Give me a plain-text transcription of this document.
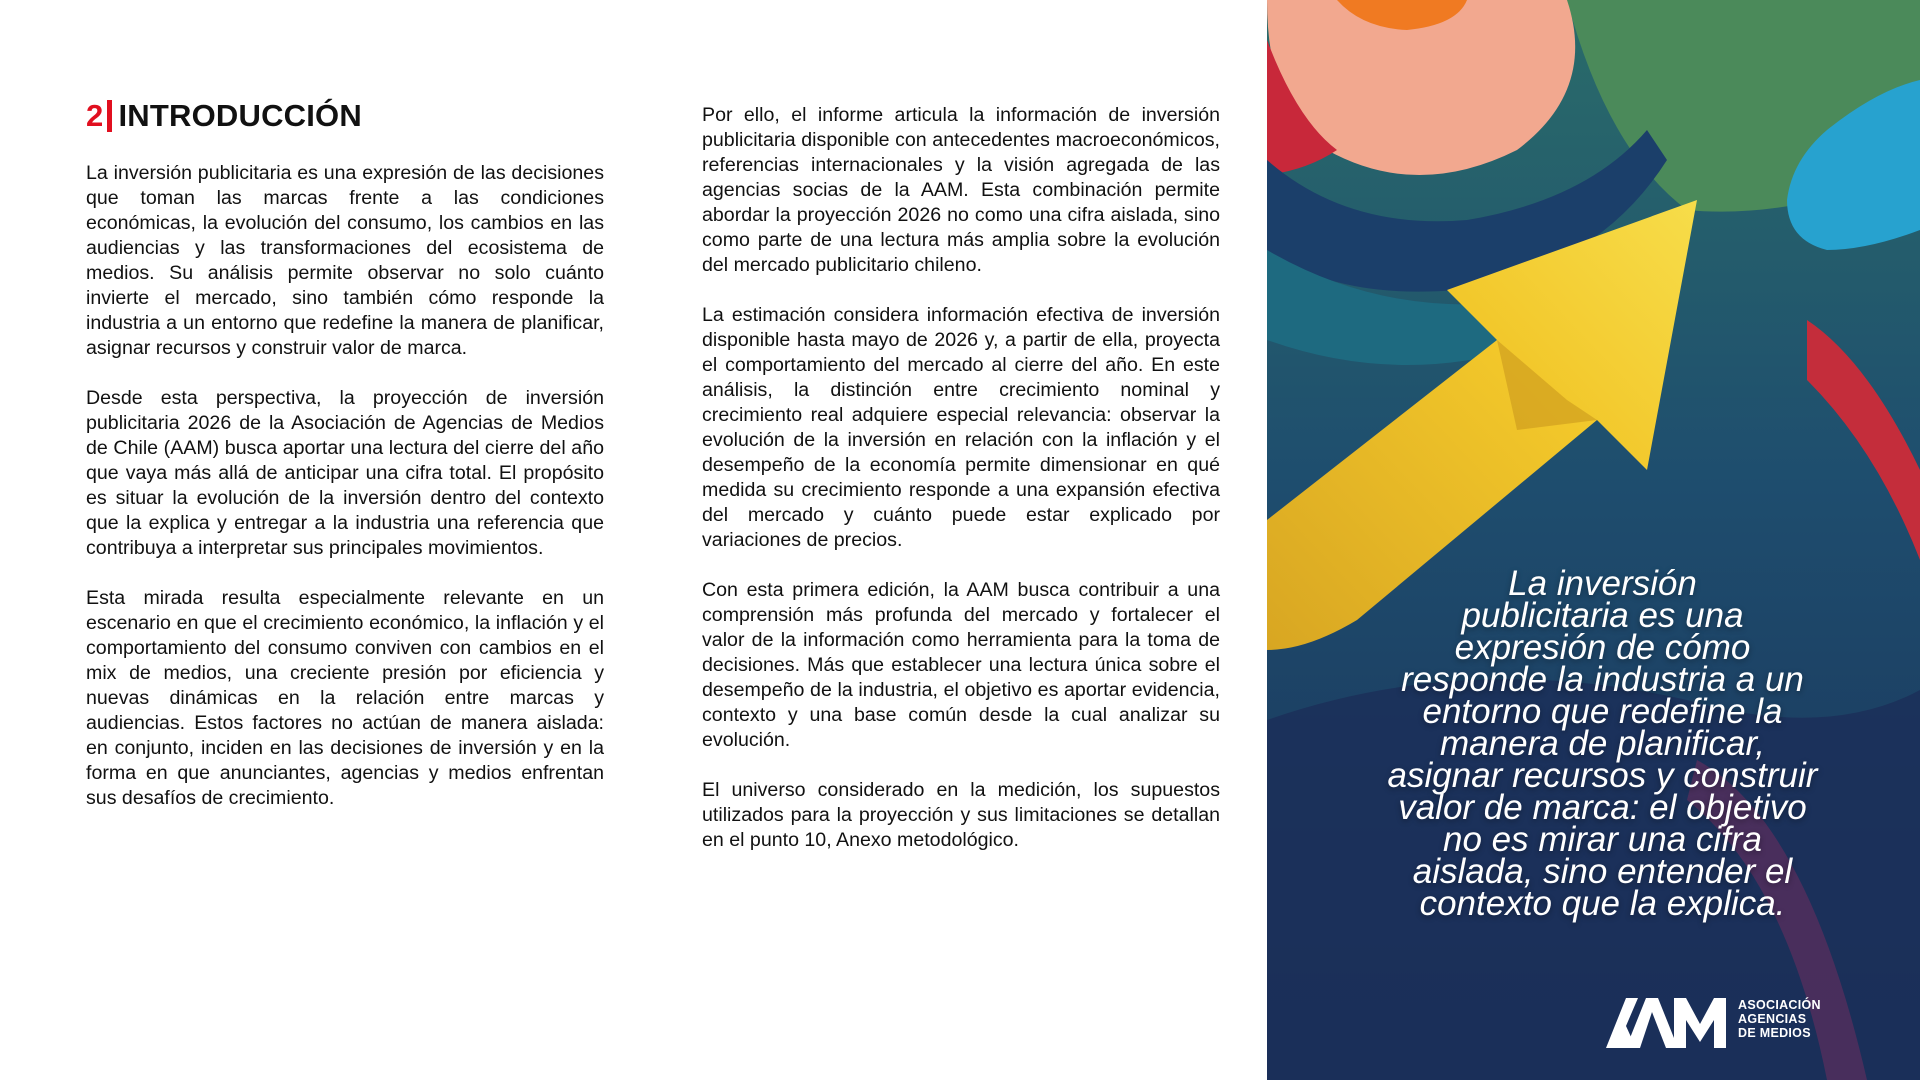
2 INTRODUCCIÓN

La inversión publicitaria es una expresión de las decisiones que toman las marcas frente a las condiciones económicas, la evolución del consumo, los cambios en las audiencias y las transformaciones del ecosistema de medios. Su análisis permite observar no solo cuánto invierte el mercado, sino también cómo responde la industria a un entorno que redefine la manera de planificar, asignar recursos y construir valor de marca.

Desde esta perspectiva, la proyección de inversión publicitaria 2026 de la Asociación de Agencias de Medios de Chile (AAM) busca aportar una lectura del cierre del año que vaya más allá de anticipar una cifra total. El propósito es situar la evolución de la inversión dentro del contexto que la explica y entregar a la industria una referencia que contribuya a interpretar sus principales movimientos.

Esta mirada resulta especialmente relevante en un escenario en que el crecimiento económico, la inflación y el comportamiento del consumo conviven con cambios en el mix de medios, una creciente presión por eficiencia y nuevas dinámicas en la relación entre marcas y audiencias. Estos factores no actúan de manera aislada: en conjunto, inciden en las decisiones de inversión y en la forma en que anunciantes, agencias y medios enfrentan sus desafíos de crecimiento.

Por ello, el informe articula la información de inversión publicitaria disponible con antecedentes macroeconómicos, referencias internacionales y la visión agregada de las agencias socias de la AAM. Esta combinación permite abordar la proyección 2026 no como una cifra aislada, sino como parte de una lectura más amplia sobre la evolución del mercado publicitario chileno.

La estimación considera información efectiva de inversión disponible hasta mayo de 2026 y, a partir de ella, proyecta el comportamiento del mercado al cierre del año. En este análisis, la distinción entre crecimiento nominal y crecimiento real adquiere especial relevancia: observar la evolución de la inversión en relación con la inflación y el desempeño de la economía permite dimensionar en qué medida su crecimiento responde a una expansión efectiva del mercado y cuánto puede estar explicado por variaciones de precios.

Con esta primera edición, la AAM busca contribuir a una comprensión más profunda del mercado y fortalecer el valor de la información como herramienta para la toma de decisiones. Más que establecer una lectura única sobre el desempeño de la industria, el objetivo es aportar evidencia, contexto y una base común desde la cual analizar su evolución.

El universo considerado en la medición, los supuestos utilizados para la proyección y sus limitaciones se detallan en el punto 10, Anexo metodológico.

La inversión
publicitaria es una
expresión de cómo
responde la industria a un
entorno que redefine la
manera de planificar,
asignar recursos y construir
valor de marca: el objetivo
no es mirar una cifra
aislada, sino entender el
contexto que la explica.
ASOCIACIÓN
AGENCIAS
DE MEDIOS
